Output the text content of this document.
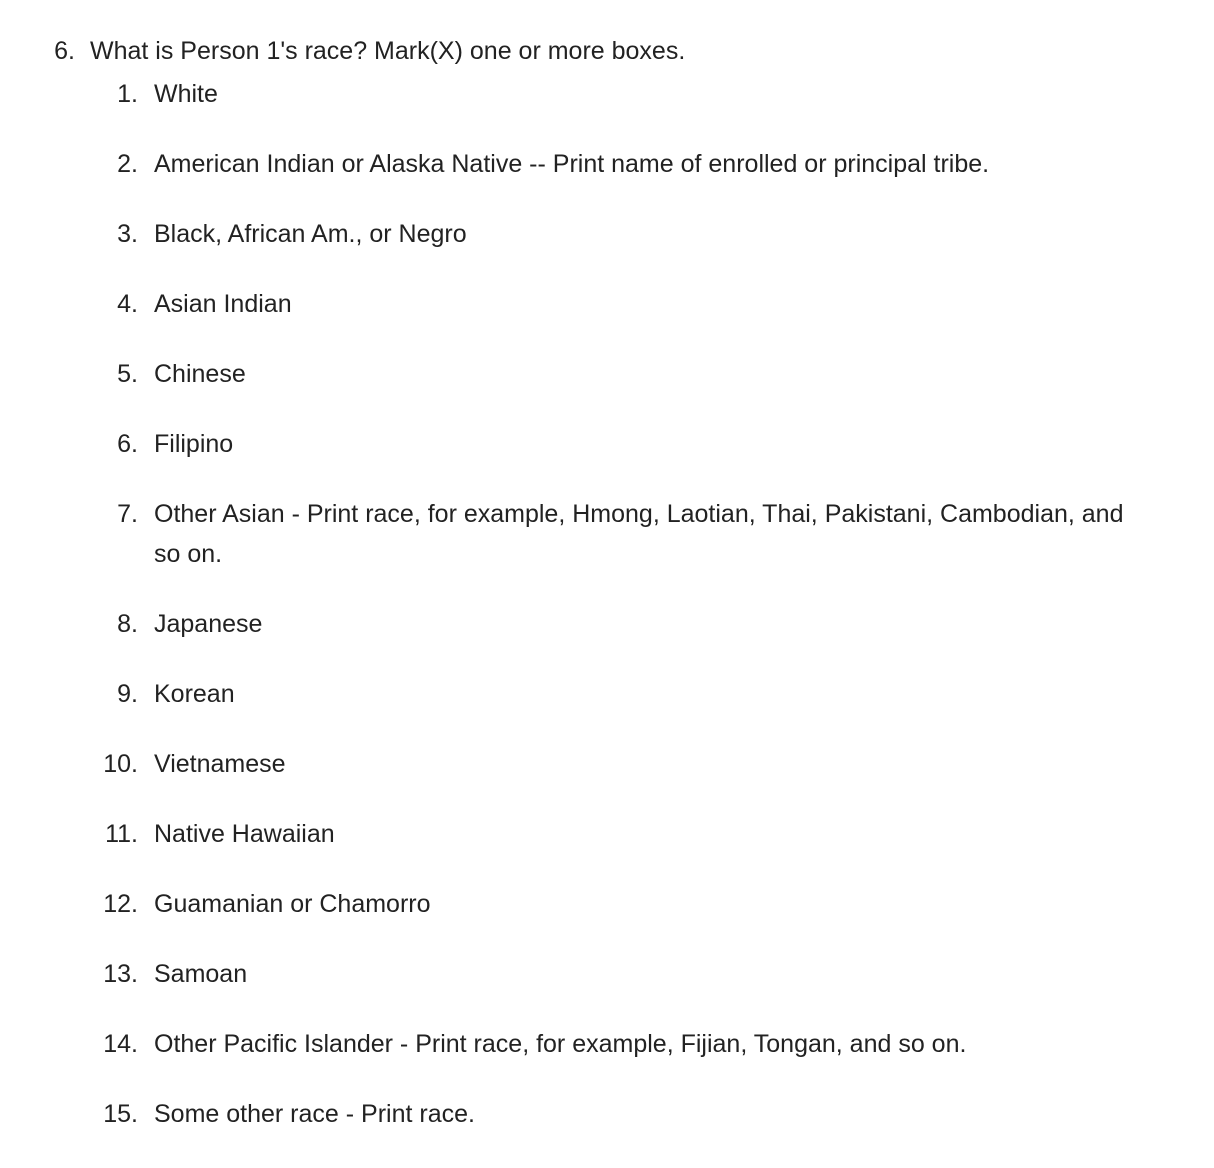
6. What is Person 1's race? Mark(X) one or more boxes.
1. White
2. American Indian or Alaska Native -- Print name of enrolled or principal tribe.
3. Black, African Am., or Negro
4. Asian Indian
5. Chinese
6. Filipino
7. Other Asian - Print race, for example, Hmong, Laotian, Thai, Pakistani, Cambodian, and so on.
8. Japanese
9. Korean
10. Vietnamese
11. Native Hawaiian
12. Guamanian or Chamorro
13. Samoan
14. Other Pacific Islander - Print race, for example, Fijian, Tongan, and so on.
15. Some other race - Print race.
